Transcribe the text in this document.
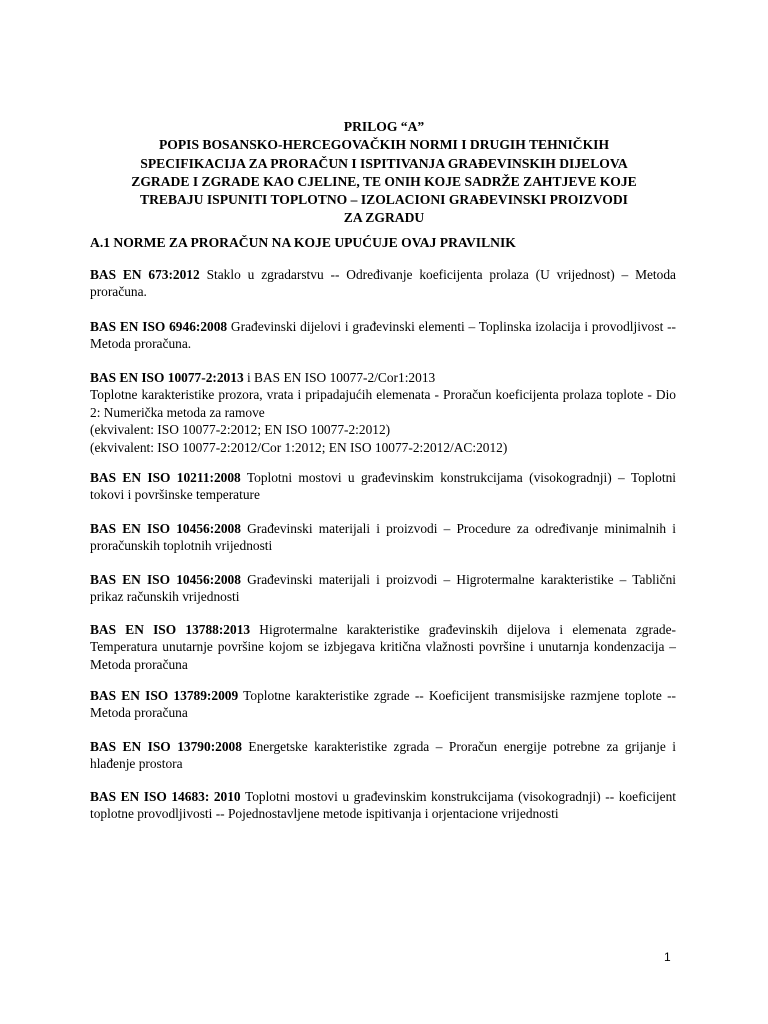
PRILOG “A”
POPIS BOSANSKO-HERCEGOVAČKIH NORMI I DRUGIH TEHNIČKIH
SPECIFIKACIJA ZA PRORAČUN I ISPITIVANJA GRAĐEVINSKIH DIJELOVA
ZGRADE I ZGRADE KAO CJELINE, TE ONIH KOJE SADRŽE ZAHTJEVE KOJE
TREBAJU ISPUNITI TOPLOTNO – IZOLACIONI GRAĐEVINSKI PROIZVODI
ZA ZGRADU
A.1 NORME ZA PRORAČUN NA KOJE UPUĆUJE OVAJ PRAVILNIK
BAS EN 673:2012 Staklo u zgradarstvu -- Određivanje koeficijenta prolaza (U vrijednost) – Metoda proračuna.
BAS EN ISO 6946:2008 Građevinski dijelovi i građevinski elementi – Toplinska izolacija i provodljivost -- Metoda proračuna.
BAS EN ISO 10077-2:2013 i BAS EN ISO 10077-2/Cor1:2013
Toplotne karakteristike prozora, vrata i pripadajućih elemenata - Proračun koeficijenta prolaza toplote - Dio 2: Numerička metoda za ramove
(ekvivalent: ISO 10077-2:2012; EN ISO 10077-2:2012)
(ekvivalent: ISO 10077-2:2012/Cor 1:2012; EN ISO 10077-2:2012/AC:2012)
BAS EN ISO 10211:2008 Toplotni mostovi u građevinskim konstrukcijama (visokogradnji) – Toplotni tokovi i površinske temperature
BAS EN ISO 10456:2008 Građevinski materijali i proizvodi – Procedure za određivanje minimalnih i proračunskih toplotnih vrijednosti
BAS EN ISO 10456:2008 Građevinski materijali i proizvodi – Higrotermalne karakteristike – Tablični prikaz računskih vrijednosti
BAS EN ISO 13788:2013 Higrotermalne karakteristike građevinskih dijelova i elemenata zgrade- Temperatura unutarnje površine kojom se izbjegava kritična vlažnosti površine i unutarnja kondenzacija – Metoda proračuna
BAS EN ISO 13789:2009 Toplotne karakteristike zgrade -- Koeficijent transmisijske razmjene toplote -- Metoda proračuna
BAS EN ISO 13790:2008 Energetske karakteristike zgrada – Proračun energije potrebne za grijanje i hlađenje prostora
BAS EN ISO 14683: 2010 Toplotni mostovi u građevinskim konstrukcijama (visokogradnji) -- koeficijent toplotne provodljivosti -- Pojednostavljene metode ispitivanja i orjentacione vrijednosti
1
